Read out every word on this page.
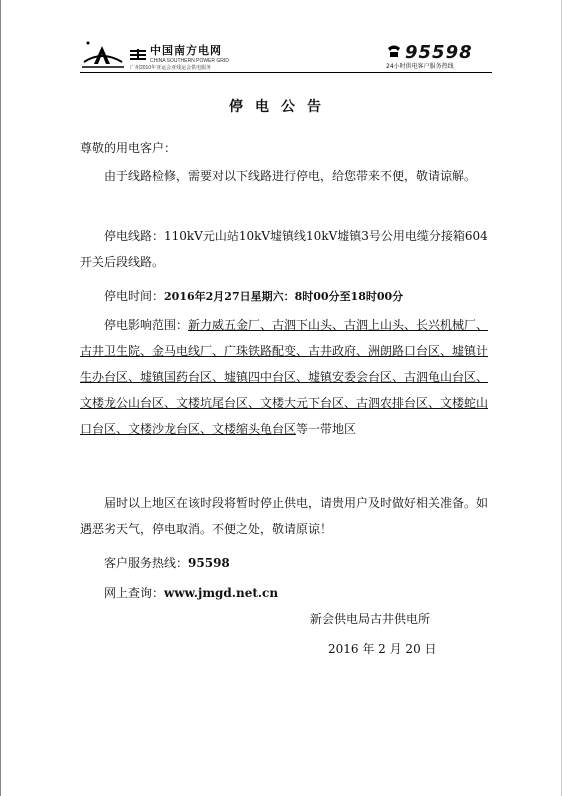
中国南方电网
CHINA SOUTHERN POWER GRID
广州2010年亚运会亚残运会供电服务
95598
24小时供电客户服务热线
停电公告
尊敬的用电客户：

由于线路检修，需要对以下线路进行停电，给您带来不便，敬请谅解。

停电线路：110kV元山站10kV墟镇线10kV墟镇3号公用电缆分接箱604开关后段线路。

停电时间：2016年2月27日星期六：8时00分至18时00分

停电影响范围：新力威五金厂、古泗下山头、古泗上山头、长兴机械厂、古井卫生院、金马电线厂、广珠铁路配变、古井政府、洲朗路口台区、墟镇计生办台区、墟镇国药台区、墟镇四中台区、墟镇安委会台区、古泗龟山台区、文楼龙公山台区、文楼坑尾台区、文楼大元下台区、古泗农排台区、文楼蛇山口台区、文楼沙龙台区、文楼缩头龟台区等一带地区

届时以上地区在该时段将暂时停止供电，请贵用户及时做好相关准备。如遇恶劣天气，停电取消。不便之处，敬请原谅！

客户服务热线：95598

网上查询：www.jmgd.net.cn

新会供电局古井供电所
2016 年 2 月 20 日
